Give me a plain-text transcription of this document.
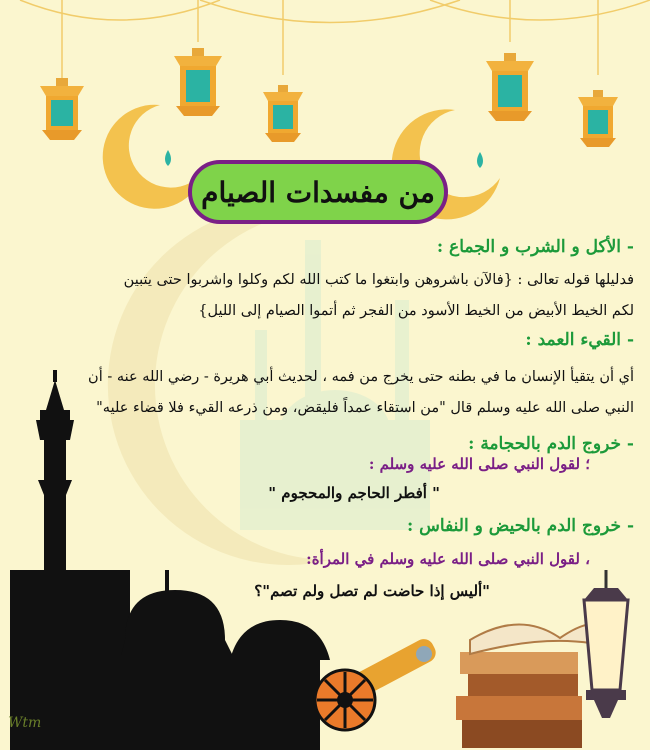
من مفسدات الصيام
- الأكل و الشرب و الجماع :
فدليلها قوله تعالى : {فالآن باشروهن وابتغوا ما كتب الله لكم وكلوا واشربوا حتى يتبين
لكم الخيط الأبيض من الخيط الأسود من الفجر ثم أتموا الصيام إلى الليل}
- القيء العمد :
أي أن يتقيأ الإنسان ما في بطنه حتى يخرج من فمه ، لحديث أبي هريرة - رضي الله عنه - أن
النبي صلى الله عليه وسلم قال "من استقاء عمداً فليقض، ومن ذرعه القيء فلا قضاء عليه"
- خروج الدم بالحجامة :
؛ لقول النبي صلى الله عليه وسلم :
" أفطر الحاجم والمحجوم "
- خروج الدم بالحيض و النفاس :
، لقول النبي صلى الله عليه وسلم في المرأة:
"أليس إذا حاضت لم تصل ولم تصم"؟
Wtm
